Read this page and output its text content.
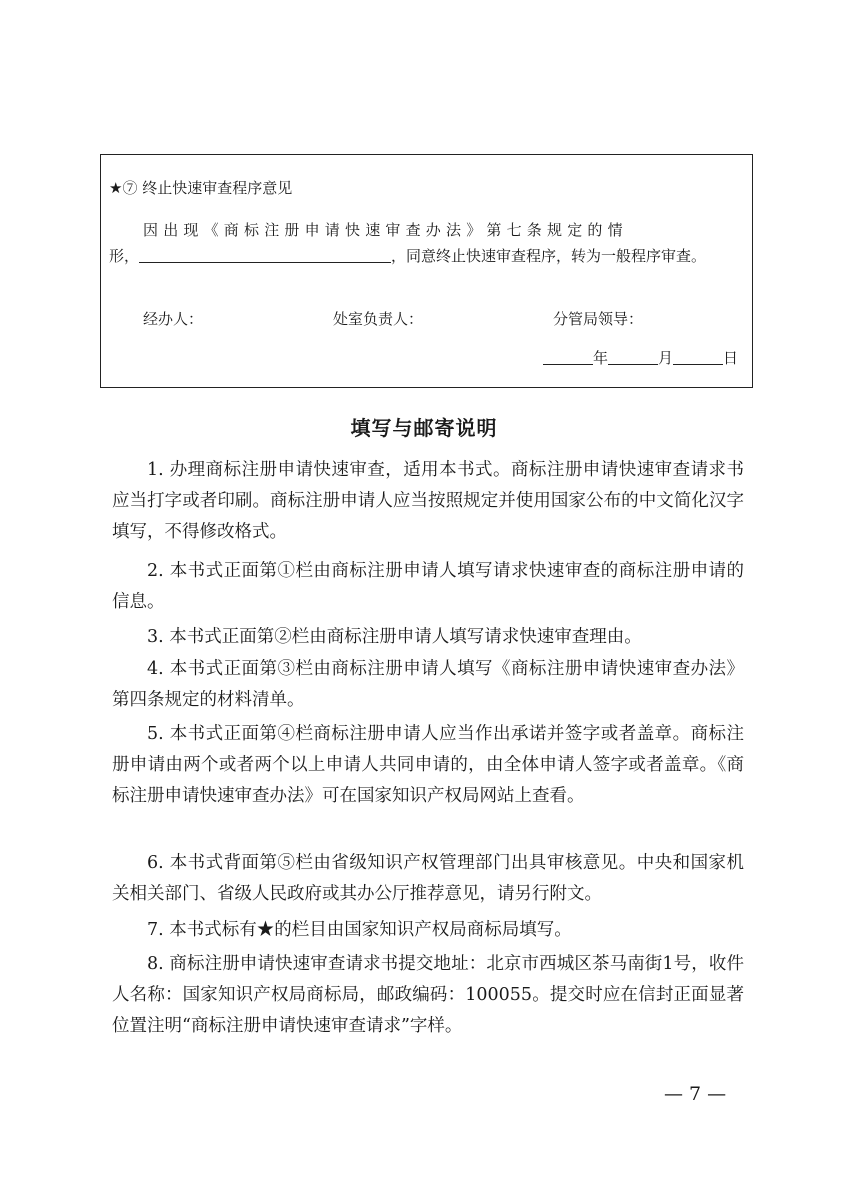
★⑦ 终止快速审查程序意见
因出现《商标注册申请快速审查办法》第七条规定的情
形，	，同意终止快速审查程序，转为一般程序审查。
经办人：	处室负责人：	分管局领导：
年	月	日
填写与邮寄说明
1. 办理商标注册申请快速审查，适用本书式。商标注册申请快速审查请求书应当打字或者印刷。商标注册申请人应当按照规定并使用国家公布的中文简化汉字填写，不得修改格式。
2. 本书式正面第①栏由商标注册申请人填写请求快速审查的商标注册申请的信息。
3. 本书式正面第②栏由商标注册申请人填写请求快速审查理由。
4. 本书式正面第③栏由商标注册申请人填写《商标注册申请快速审查办法》第四条规定的材料清单。
5. 本书式正面第④栏商标注册申请人应当作出承诺并签字或者盖章。商标注册申请由两个或者两个以上申请人共同申请的，由全体申请人签字或者盖章。《商标注册申请快速审查办法》可在国家知识产权局网站上查看。
6. 本书式背面第⑤栏由省级知识产权管理部门出具审核意见。中央和国家机关相关部门、省级人民政府或其办公厅推荐意见，请另行附文。
7. 本书式标有★的栏目由国家知识产权局商标局填写。
8. 商标注册申请快速审查请求书提交地址：北京市西城区茶马南街1号，收件人名称：国家知识产权局商标局，邮政编码：100055。提交时应在信封正面显著位置注明“商标注册申请快速审查请求”字样。
— 7 —
